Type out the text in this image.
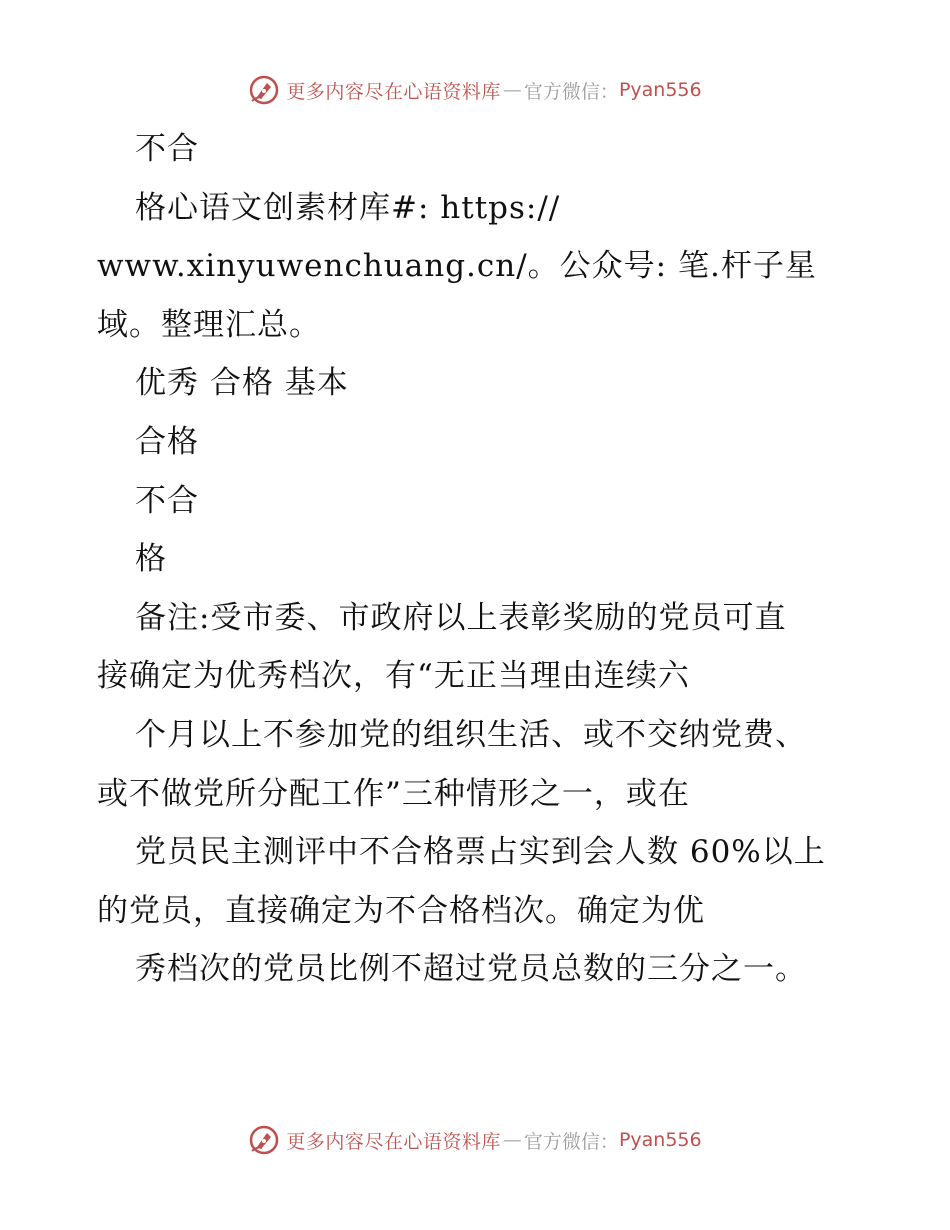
更多内容尽在心语资料库 — 官方微信： Pyan556
不合
格心语文创素材库#: https://
www.xinyuwenchuang.cn/。公众号: 笔.杆子星
域。整理汇总。
优秀 合格 基本
合格
不合
格
备注:受市委、市政府以上表彰奖励的党员可直
接确定为优秀档次，有“无正当理由连续六
个月以上不参加党的组织生活、或不交纳党费、
或不做党所分配工作”三种情形之一，或在
党员民主测评中不合格票占实到会人数 60%以上
的党员，直接确定为不合格档次。确定为优
秀档次的党员比例不超过党员总数的三分之一。
更多内容尽在心语资料库 — 官方微信： Pyan556
